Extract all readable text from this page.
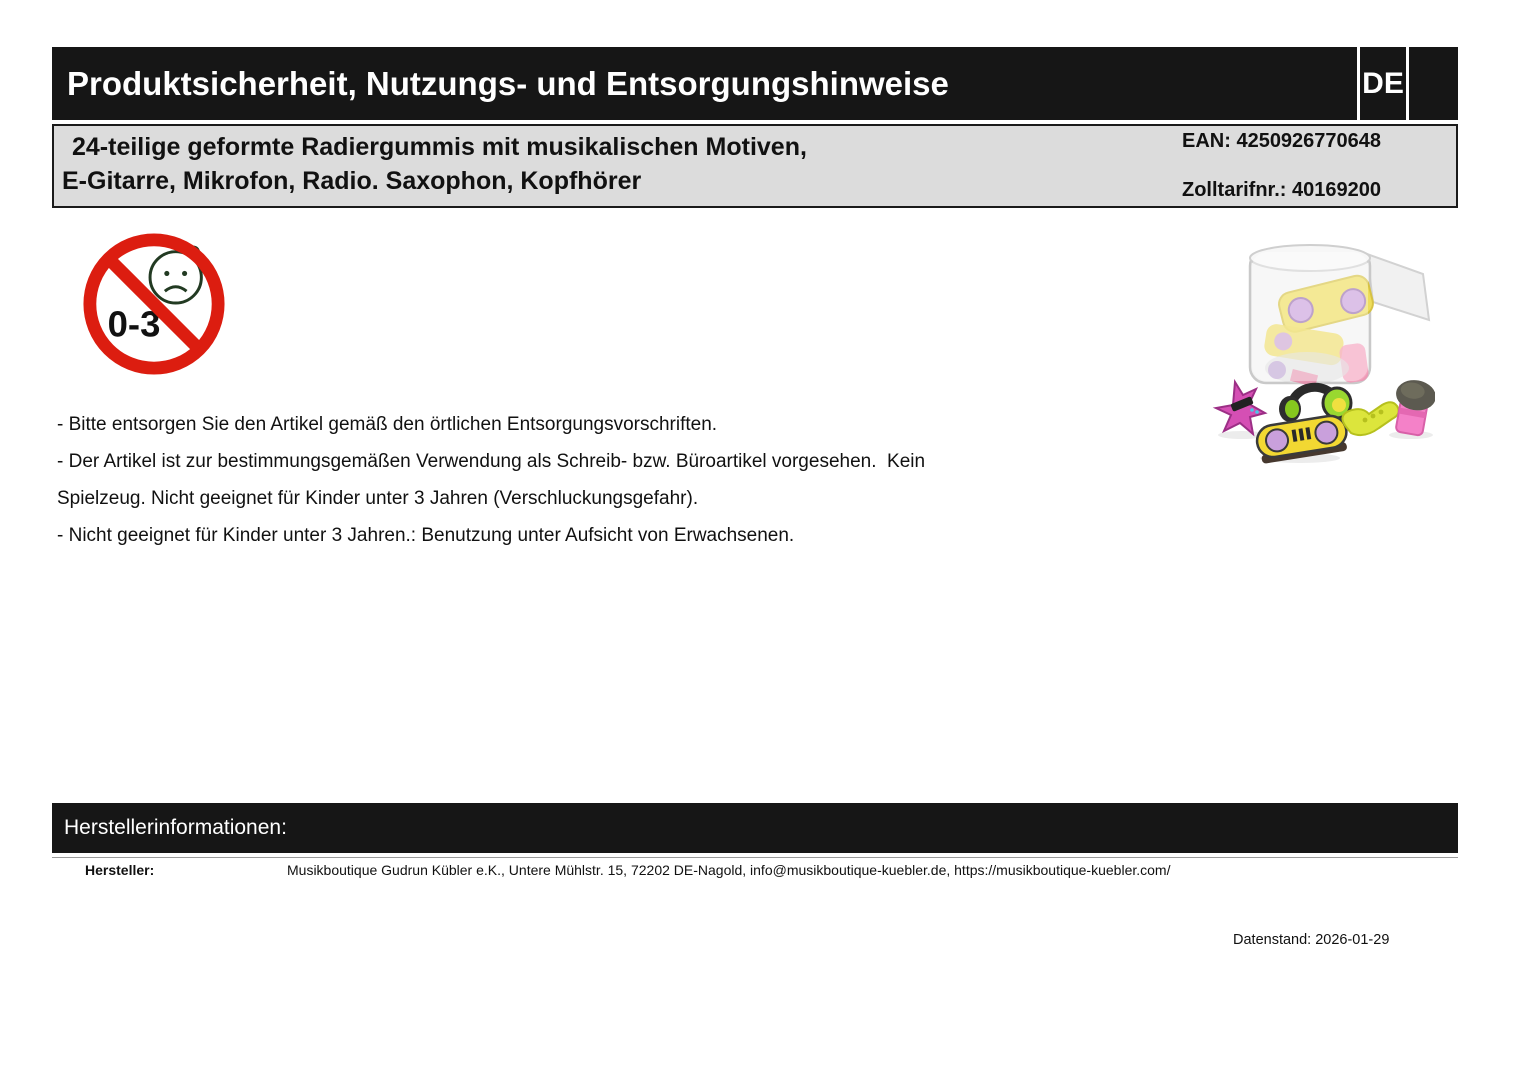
Produktsicherheit, Nutzungs- und Entsorgungshinweise	DE
24-teilige geformte Radiergummis mit musikalischen Motiven,
E-Gitarre, Mikrofon, Radio. Saxophon, Kopfhörer
EAN: 4250926770648
Zolltarifnr.: 40169200
0-3
- Bitte entsorgen Sie den Artikel gemäß den örtlichen Entsorgungsvorschriften.
- Der Artikel ist zur bestimmungsgemäßen Verwendung als Schreib- bzw. Büroartikel vorgesehen.  Kein
Spielzeug. Nicht geeignet für Kinder unter 3 Jahren (Verschluckungsgefahr).
- Nicht geeignet für Kinder unter 3 Jahren.: Benutzung unter Aufsicht von Erwachsenen.
Herstellerinformationen:
Hersteller:	Musikboutique Gudrun Kübler e.K., Untere Mühlstr. 15, 72202 DE-Nagold, info@musikboutique-kuebler.de, https://musikboutique-kuebler.com/
Datenstand: 2026-01-29
